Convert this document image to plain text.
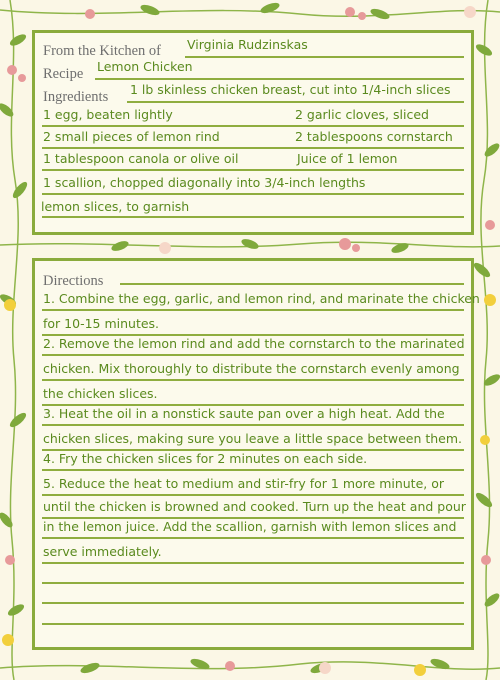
From the Kitchen of Virginia Rudzinskas
Recipe Lemon Chicken
Ingredients 1 lb skinless chicken breast, cut into 1/4-inch slices
1 egg, beaten lightly	2 garlic cloves, sliced
2 small pieces of lemon rind	2 tablespoons cornstarch
1 tablespoon canola or olive oil	Juice of 1 lemon
1 scallion, chopped diagonally into 3/4-inch lengths
lemon slices, to garnish
Directions
1. Combine the egg, garlic, and lemon rind, and marinate the chicken
for 10-15 minutes.
2. Remove the lemon rind and add the cornstarch to the marinated
chicken. Mix thoroughly to distribute the cornstarch evenly among
the chicken slices.
3. Heat the oil in a nonstick saute pan over a high heat. Add the
chicken slices, making sure you leave a little space between them.
4. Fry the chicken slices for 2 minutes on each side.
5. Reduce the heat to medium and stir-fry for 1 more minute, or
until the chicken is browned and cooked. Turn up the heat and pour
in the lemon juice. Add the scallion, garnish with lemon slices and
serve immediately.
